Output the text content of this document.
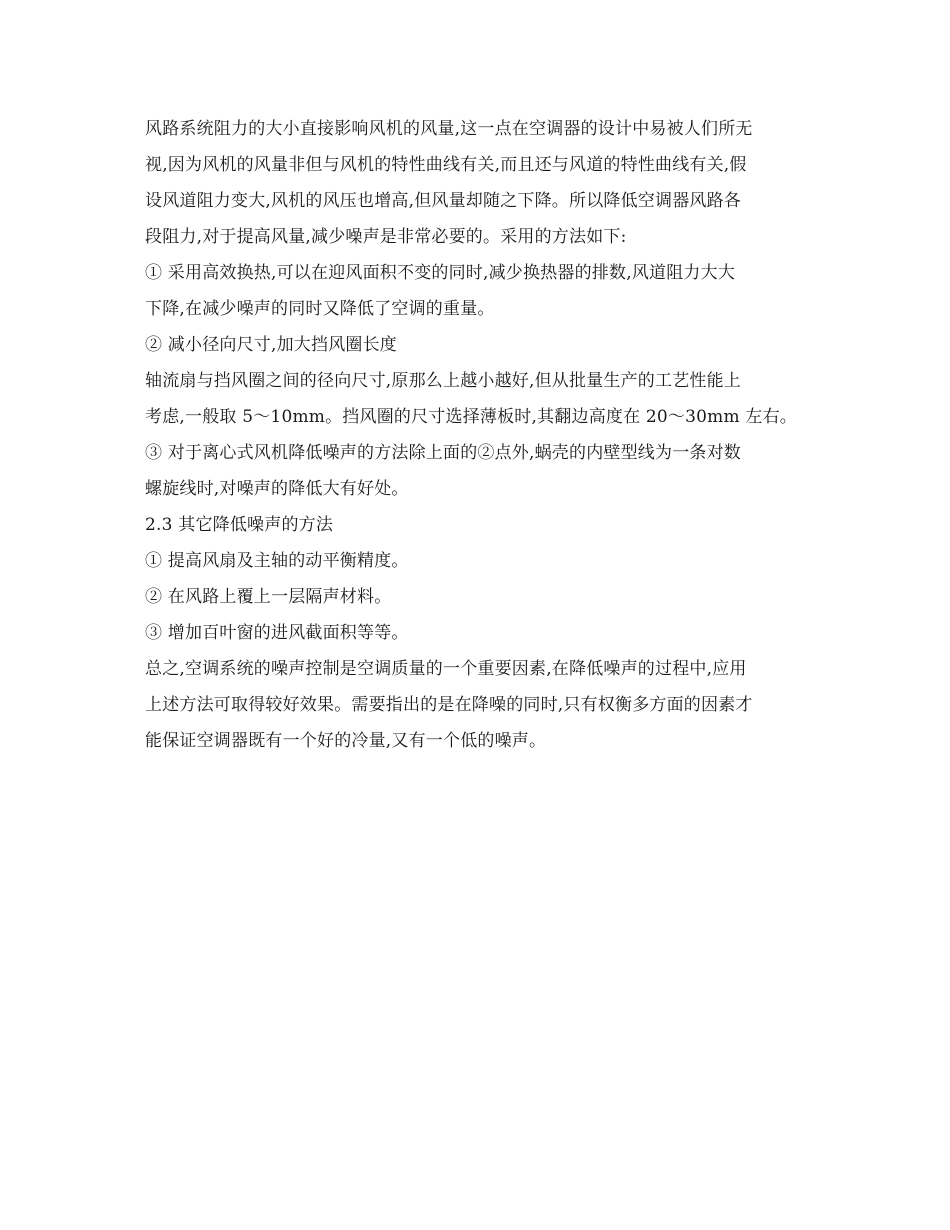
风路系统阻力的大小直接影响风机的风量,这一点在空调器的设计中易被人们所无
视,因为风机的风量非但与风机的特性曲线有关,而且还与风道的特性曲线有关,假
设风道阻力变大,风机的风压也增高,但风量却随之下降。所以降低空调器风路各
段阻力,对于提高风量,减少噪声是非常必要的。采用的方法如下:
① 采用高效换热,可以在迎风面积不变的同时,减少换热器的排数,风道阻力大大
下降,在减少噪声的同时又降低了空调的重量。
② 减小径向尺寸,加大挡风圈长度
轴流扇与挡风圈之间的径向尺寸,原那么上越小越好,但从批量生产的工艺性能上
考虑,一般取 5～10mm。挡风圈的尺寸选择薄板时,其翻边高度在 20～30mm 左右。
③ 对于离心式风机降低噪声的方法除上面的②点外,蜗壳的内壁型线为一条对数
螺旋线时,对噪声的降低大有好处。
2.3 其它降低噪声的方法
① 提高风扇及主轴的动平衡精度。
② 在风路上覆上一层隔声材料。
③ 增加百叶窗的进风截面积等等。
总之,空调系统的噪声控制是空调质量的一个重要因素,在降低噪声的过程中,应用
上述方法可取得较好效果。需要指出的是在降噪的同时,只有权衡多方面的因素才
能保证空调器既有一个好的冷量,又有一个低的噪声。
